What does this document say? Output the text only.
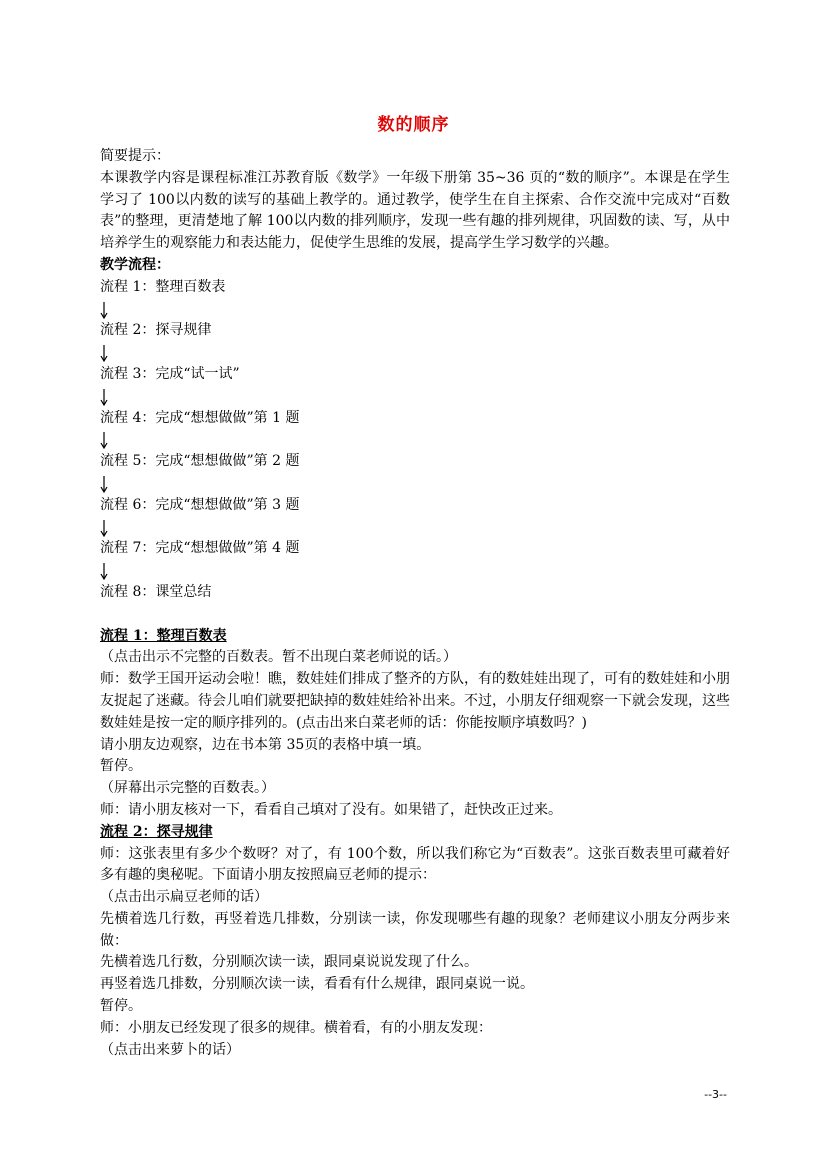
数的顺序

简要提示：

本课教学内容是课程标准江苏教育版《数学》一年级下册第 35~36 页的“数的顺序”。本课是在学生学习了 100以内数的读写的基础上教学的。通过教学，使学生在自主探索、合作交流中完成对“百数表”的整理，更清楚地了解 100以内数的排列顺序，发现一些有趣的排列规律，巩固数的读、写，从中培养学生的观察能力和表达能力，促使学生思维的发展，提高学生学习数学的兴趣。

教学流程：

流程 1：整理百数表

流程 2：探寻规律

流程 3：完成“试一试”

流程 4：完成“想想做做”第 1 题

流程 5：完成“想想做做”第 2 题

流程 6：完成“想想做做”第 3 题

流程 7：完成“想想做做”第 4 题

流程 8：课堂总结

流程 1：整理百数表

（点击出示不完整的百数表。暂不出现白菜老师说的话。）

师：数学王国开运动会啦！瞧，数娃娃们排成了整齐的方队，有的数娃娃出现了，可有的数娃娃和小朋友捉起了迷藏。待会儿咱们就要把缺掉的数娃娃给补出来。不过，小朋友仔细观察一下就会发现，这些数娃娃是按一定的顺序排列的。(点击出来白菜老师的话：你能按顺序填数吗？)

请小朋友边观察，边在书本第 35页的表格中填一填。

暂停。

（屏幕出示完整的百数表。）

师：请小朋友核对一下，看看自己填对了没有。如果错了，赶快改正过来。

流程 2：探寻规律

师：这张表里有多少个数呀？对了，有 100个数，所以我们称它为“百数表”。这张百数表里可藏着好多有趣的奥秘呢。下面请小朋友按照扁豆老师的提示：

（点击出示扁豆老师的话）

先横着选几行数，再竖着选几排数，分别读一读，你发现哪些有趣的现象？老师建议小朋友分两步来做：

先横着选几行数，分别顺次读一读，跟同桌说说发现了什么。

再竖着选几排数，分别顺次读一读，看看有什么规律，跟同桌说一说。

暂停。

师：小朋友已经发现了很多的规律。横着看，有的小朋友发现：

（点击出来萝卜的话）

--3--
